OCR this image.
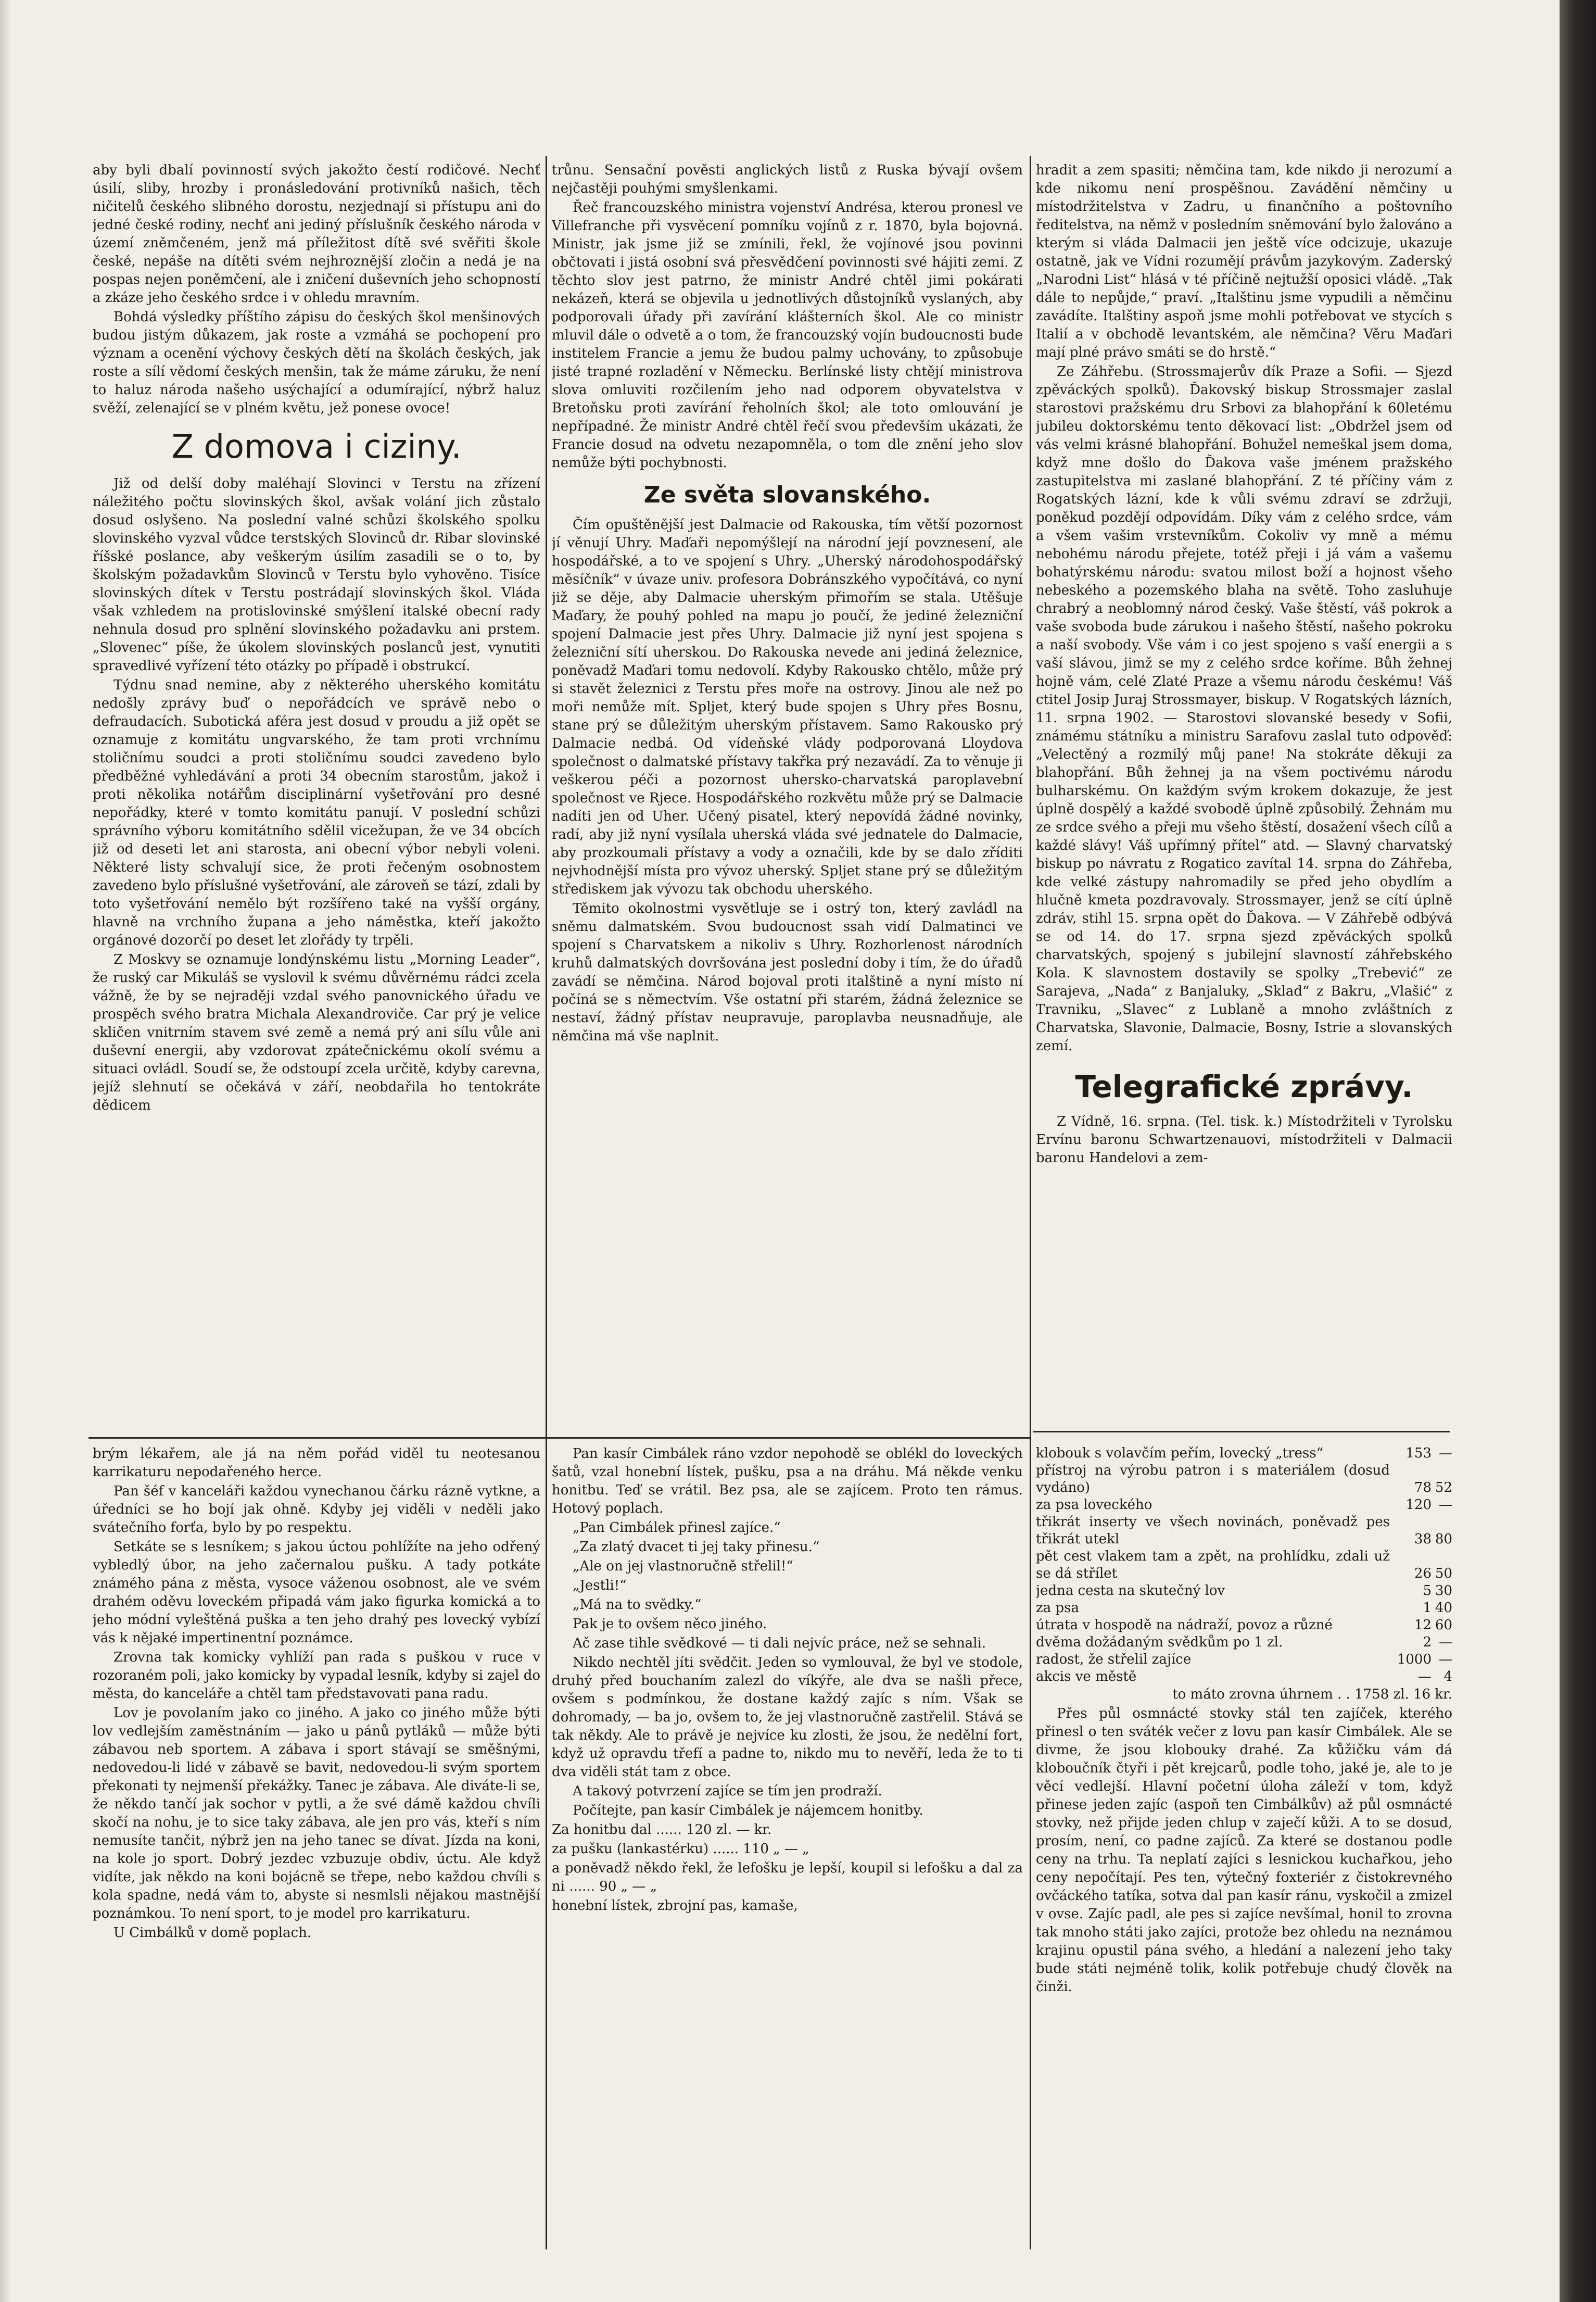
aby byli dbalí povinností svých jakožto čestí rodičové. Nechť úsilí, sliby, hrozby i pronásledování protivníků našich, těch ničitelů českého slibného dorostu, nezjednají si přístupu ani do jedné české rodiny, nechť ani jediný příslušník českého národa v území zněmčeném, jenž má příležitost dítě své svěřiti škole české, nepáše na dítěti svém nejhroznější zločin a nedá je na pospas nejen poněmčení, ale i zničení duševních jeho schopností a zkáze jeho českého srdce i v ohledu mravním.

Bohdá výsledky příštího zápisu do českých škol menšinových budou jistým důkazem, jak roste a vzmáhá se pochopení pro význam a ocenění výchovy českých dětí na školách českých, jak roste a sílí vědomí českých menšin, tak že máme záruku, že není to haluz národa našeho usýchající a odumírající, nýbrž haluz svěží, zelenající se v plném květu, jež ponese ovoce!

Z domova i ciziny.

Již od delší doby maléhají Slovinci v Terstu na zřízení náležitého počtu slovinských škol, avšak volání jich zůstalo dosud oslyšeno. Na poslední valné schůzi školského spolku slovinského vyzval vůdce terstských Slovinců dr. Ribar slovinské říšské poslance, aby veškerým úsilím zasadili se o to, by školským požadavkům Slovinců v Terstu bylo vyhověno. Tisíce slovinských dítek v Terstu postrádají slovinských škol. Vláda však vzhledem na protislovinské smýšlení italské obecní rady nehnula dosud pro splnění slovinského požadavku ani prstem. „Slovenec“ píše, že úkolem slovinských poslanců jest, vynutiti spravedlivé vyřízení této otázky po případě i obstrukcí.

Týdnu snad nemine, aby z některého uherského komitátu nedošly zprávy buď o nepořádcích ve správě nebo o defraudacích. Subotická aféra jest dosud v proudu a již opět se oznamuje z komitátu ungvarského, že tam proti vrchnímu stoličnímu soudci a proti stoličnímu soudci zavedeno bylo předběžné vyhledávání a proti 34 obecním starostům, jakož i proti několika notářům disciplinární vyšetřování pro desné nepořádky, které v tomto komitátu panují. V poslední schůzi správního výboru komitátního sdělil vicežupan, že ve 34 obcích již od deseti let ani starosta, ani obecní výbor nebyli voleni. Některé listy schvalují sice, že proti řečeným osobnostem zavedeno bylo příslušné vyšetřování, ale zároveň se tází, zdali by toto vyšetřování nemělo být rozšířeno také na vyšší orgány, hlavně na vrchního župana a jeho náměstka, kteří jakožto orgánové dozorčí po deset let zlořády ty trpěli.

Z Moskvy se oznamuje londýnskému listu „Morning Leader“, že ruský car Mikuláš se vyslovil k svému důvěrnému rádci zcela vážně, že by se nejraději vzdal svého panovnického úřadu ve prospěch svého bratra Michala Alexandroviče. Car prý je velice skličen vnitrním stavem své země a nemá prý ani sílu vůle ani duševní energii, aby vzdorovat zpátečnickému okolí svému a situaci ovládl. Soudí se, že odstoupí zcela určitě, kdyby carevna, jejíž slehnutí se očekává v září, neobdařila ho tentokráte dědicem

brým lékařem, ale já na něm pořád viděl tu neotesanou karrikaturu nepodařeného herce.

Pan šéf v kanceláři každou vynechanou čárku rázně vytkne, a úředníci se ho bojí jak ohně. Kdyby jej viděli v neděli jako svátečního forťa, bylo by po respektu.

Setkáte se s lesníkem; s jakou úctou pohlížíte na jeho odřený vybledlý úbor, na jeho začernalou pušku. A tady potkáte známého pána z města, vysoce váženou osobnost, ale ve svém drahém oděvu loveckém připadá vám jako figurka komická a to jeho módní vyleštěná puška a ten jeho drahý pes lovecký vybízí vás k nějaké impertinentní poznámce.

Zrovna tak komicky vyhlíží pan rada s puškou v ruce v rozoraném poli, jako komicky by vypadal lesník, kdyby si zajel do města, do kanceláře a chtěl tam představovati pana radu.

Lov je povolaním jako co jiného. A jako co jiného může býti lov vedlejším zaměstnáním — jako u pánů pytláků — může býti zábavou neb sportem. A zábava i sport stávají se směšnými, nedovedou-li lidé v zábavě se bavit, nedovedou-li svým sportem překonati ty nejmenší překážky. Tanec je zábava. Ale diváte-li se, že někdo tančí jak sochor v pytli, a že své dámě každou chvíli skočí na nohu, je to sice taky zábava, ale jen pro vás, kteří s ním nemusíte tančit, nýbrž jen na jeho tanec se dívat. Jízda na koni, na kole jo sport. Dobrý jezdec vzbuzuje obdiv, úctu. Ale když vidíte, jak někdo na koni bojácně se třepe, nebo každou chvíli s kola spadne, nedá vám to, abyste si nesmlsli nějakou mastnější poznámkou. To není sport, to je model pro karrikaturu.

U Cimbálků v domě poplach.

trůnu. Sensační pověsti anglických listů z Ruska bývají ovšem nejčastěji pouhými smyšlenkami.

Řeč francouzského ministra vojenství Andrésa, kterou pronesl ve Villefranche při vysvěcení pomníku vojínů z r. 1870, byla bojovná. Ministr, jak jsme již se zmínili, řekl, že vojínové jsou povinni občtovati i jistá osobní svá přesvědčení povinnosti své hájiti zemi. Z těchto slov jest patrno, že ministr André chtěl jimi pokárati nekázeň, která se objevila u jednotlivých důstojníků vyslaných, aby podporovali úřady při zavírání klášterních škol. Ale co ministr mluvil dále o odvetě a o tom, že francouzský vojín budoucnosti bude institelem Francie a jemu že budou palmy uchovány, to způsobuje jisté trapné rozladění v Německu. Berlínské listy chtějí ministrova slova omluviti rozčilením jeho nad odporem obyvatelstva v Bretoňsku proti zavírání řeholních škol; ale toto omlouvání je nepřípadné. Že ministr André chtěl řečí svou především ukázati, že Francie dosud na odvetu nezapomněla, o tom dle znění jeho slov nemůže býti pochybnosti.

Ze světa slovanského.

Čím opuštěnější jest Dalmacie od Rakouska, tím větší pozornost jí věnují Uhry. Maďaři nepomýšlejí na národní její povznesení, ale hospodářské, a to ve spojení s Uhry. „Uherský národohospodářský měsíčník“ v úvaze univ. profesora Dobránszkého vypočítává, co nyní již se děje, aby Dalmacie uherským přimořím se stala. Utěšuje Maďary, že pouhý pohled na mapu jo poučí, že jediné železniční spojení Dalmacie jest přes Uhry. Dalmacie již nyní jest spojena s železniční sítí uherskou. Do Rakouska nevede ani jediná železnice, poněvadž Maďari tomu nedovolí. Kdyby Rakousko chtělo, může prý si stavět železnici z Terstu přes moře na ostrovy. Jinou ale než po moři nemůže mít. Spljet, který bude spojen s Uhry přes Bosnu, stane prý se důležitým uherským přístavem. Samo Rakousko prý Dalmacie nedbá. Od vídeňské vlády podporovaná Lloydova společnost o dalmatské přístavy takřka prý nezavádí. Za to věnuje ji veškerou péči a pozornost uhersko-charvatská paroplavební společnost ve Rjece. Hospodářského rozkvětu může prý se Dalmacie nadíti jen od Uher. Učený pisatel, který nepovídá žádné novinky, radí, aby již nyní vysílala uherská vláda své jednatele do Dalmacie, aby prozkoumali přístavy a vody a označili, kde by se dalo zříditi nejvhodnější místa pro vývoz uherský. Spljet stane prý se důležitým střediskem jak vývozu tak obchodu uherského.

Těmito okolnostmi vysvětluje se i ostrý ton, který zavládl na sněmu dalmatském. Svou budoucnost ssah vidí Dalmatinci ve spojení s Charvatskem a nikoliv s Uhry. Rozhorlenost národních kruhů dalmatských dovršována jest poslední doby i tím, že do úřadů zavádí se němčina. Národ bojoval proti italštině a nyní místo ní počíná se s němectvím. Vše ostatní při starém, žádná železnice se nestaví, žádný přístav neupravuje, paroplavba neusnadňuje, ale němčina má vše naplnit.

Pan kasír Cimbálek ráno vzdor nepohodě se oblékl do loveckých šatů, vzal honební lístek, pušku, psa a na dráhu. Má někde venku honitbu. Teď se vrátil. Bez psa, ale se zajícem. Proto ten rámus. Hotový poplach.

„Pan Cimbálek přinesl zajíce.“

„Za zlatý dvacet ti jej taky přinesu.“

„Ale on jej vlastnoručně střelil!“

„Jestli!“

„Má na to svědky.“

Pak je to ovšem něco jiného.

Ač zase tihle svědkové — ti dali nejvíc práce, než se sehnali.

Nikdo nechtěl jíti svědčit. Jeden so vymlouval, že byl ve stodole, druhý před bouchaním zalezl do víkýře, ale dva se našli přece, ovšem s podmínkou, že dostane každý zajíc s ním. Však se dohromady, — ba jo, ovšem to, že jej vlastnoručně zastřelil. Stává se tak někdy. Ale to právě je nejvíce ku zlosti, že jsou, že nedělní fort, když už opravdu třefí a padne to, nikdo mu to nevěří, leda že to ti dva viděli stát tam z obce.

A takový potvrzení zajíce se tím jen prodraží.

Počítejte, pan kasír Cimbálek je nájemcem honitby.

Za honitbu dal ...... 120 zl. — kr.

za pušku (lankastérku) ...... 110 „ — „

a poněvadž někdo řekl, že lefošku je lepší, koupil si lefošku a dal za ni ...... 90 „ — „

honební lístek, zbrojní pas, kamaše,

hradit a zem spasiti; němčina tam, kde nikdo ji nerozumí a kde nikomu není prospěšnou. Zavádění němčiny u místodržitelstva v Zadru, u finančního a poštovního ředitelstva, na němž v posledním sněmování bylo žalováno a kterým si vláda Dalmacii jen ještě více odcizuje, ukazuje ostatně, jak ve Vídni rozumějí právům jazykovým. Zaderský „Narodni List“ hlásá v té příčině nejtužší oposici vládě. „Tak dále to nepůjde,“ praví. „Italštinu jsme vypudili a němčinu zavádíte. Italštiny aspoň jsme mohli potřebovat ve stycích s Italií a v obchodě levantském, ale němčina? Věru Maďari mají plné právo smáti se do hrstě.“

Ze Záhřebu. (Strossmajerův dík Praze a Sofii. — Sjezd zpěváckých spolků). Ďakovský biskup Strossmajer zaslal starostovi pražskému dru Srbovi za blahopřání k 60letému jubileu doktorskému tento děkovací list: „Obdržel jsem od vás velmi krásné blahopřání. Bohužel nemeškal jsem doma, když mne došlo do Ďakova vaše jménem pražského zastupitelstva mi zaslané blahopřání. Z té příčiny vám z Rogatských lázní, kde k vůli svému zdraví se zdržuji, poněkud pozdějí odpovídám. Díky vám z celého srdce, vám a všem vašim vrstevníkům. Cokoliv vy mně a mému nebohému národu přejete, totéž přeji i já vám a vašemu bohatýrskému národu: svatou milost boží a hojnost všeho nebeského a pozemského blaha na světě. Toho zasluhuje chrabrý a neoblomný národ český. Vaše štěstí, váš pokrok a vaše svoboda bude zárukou i našeho štěstí, našeho pokroku a naší svobody. Vše vám i co jest spojeno s vaší energii a s vaší slávou, jimž se my z celého srdce koříme. Bůh žehnej hojně vám, celé Zlaté Praze a všemu národu českému! Váš ctitel Josip Juraj Strossmayer, biskup. V Rogatských lázních, 11. srpna 1902. — Starostovi slovanské besedy v Sofii, známému státníku a ministru Sarafovu zaslal tuto odpověď: „Velectěný a rozmilý můj pane! Na stokráte děkuji za blahopřání. Bůh žehnej ja na všem poctivému národu bulharskému. On každým svým krokem dokazuje, že jest úplně dospělý a každé svobodě úplně způsobilý. Žehnám mu ze srdce svého a přeji mu všeho štěstí, dosažení všech cílů a každé slávy! Váš upřímný přítel“ atd. — Slavný charvatský biskup po návratu z Rogatico zavítal 14. srpna do Záhřeba, kde velké zástupy nahromadily se před jeho obydlím a hlučně kmeta pozdravovaly. Strossmayer, jenž se cítí úplně zdráv, stihl 15. srpna opět do Ďakova. — V Záhřebě odbývá se od 14. do 17. srpna sjezd zpěváckých spolků charvatských, spojený s jubilejní slavností záhřebského Kola. K slavnostem dostavily se spolky „Trebević“ ze Sarajeva, „Nada“ z Banjaluky, „Sklad“ z Bakru, „Vlašić“ z Travniku, „Slavec“ z Lublaně a mnoho zvláštních z Charvatska, Slavonie, Dalmacie, Bosny, Istrie a slovanských zemí.

Telegrafické zprávy.

Z Vídně, 16. srpna. (Tel. tisk. k.) Místodržiteli v Tyrolsku Ervínu baronu Schwartzenauovi, místodržiteli v Dalmacii baronu Handelovi a zem-

klobouk s volavčím peřím, lovecký „tress“	153	—
přístroj na výrobu patron i s materiálem (dosud vydáno)	78	52
za psa loveckého	120	—
třikrát inserty ve všech novinách, poněvadž pes třikrát utekl	38	80
pět cest vlakem tam a zpět, na prohlídku, zdali už se dá střílet	26	50
jedna cesta na skutečný lov	5	30
za psa	1	40
útrata v hospodě na nádraží, povoz a různé	12	60
dvěma dožádaným svědkům po 1 zl.	2	—
radost, že střelil zajíce	1000	—
akcis ve městě	—	4

to máto zrovna úhrnem . . 1758 zl. 16 kr.

Přes půl osmnácté stovky stál ten zajíček, kterého přinesl o ten sváték večer z lovu pan kasír Cimbálek. Ale se divme, že jsou klobouky drahé. Za kůžičku vám dá kloboučník čtyři i pět krejcarů, podle toho, jaké je, ale to je věcí vedlejší. Hlavní početní úloha záleží v tom, když přinese jeden zajíc (aspoň ten Cimbálkův) až půl osmnácté stovky, než přijde jeden chlup v zaječí kůži. A to se dosud, prosím, není, co padne zajíců. Za které se dostanou podle ceny na trhu. Ta neplatí zajíci s lesnickou kuchařkou, jeho ceny nepočítají. Pes ten, výtečný foxteriér z čistokrevného ovčáckého tatíka, sotva dal pan kasír ránu, vyskočil a zmizel v ovse. Zajíc padl, ale pes si zajíce nevšímal, honil to zrovna tak mnoho státi jako zajíci, protože bez ohledu na neznámou krajinu opustil pána svého, a hledání a nalezení jeho taky bude státi nejméně tolik, kolik potřebuje chudý člověk na činži.
